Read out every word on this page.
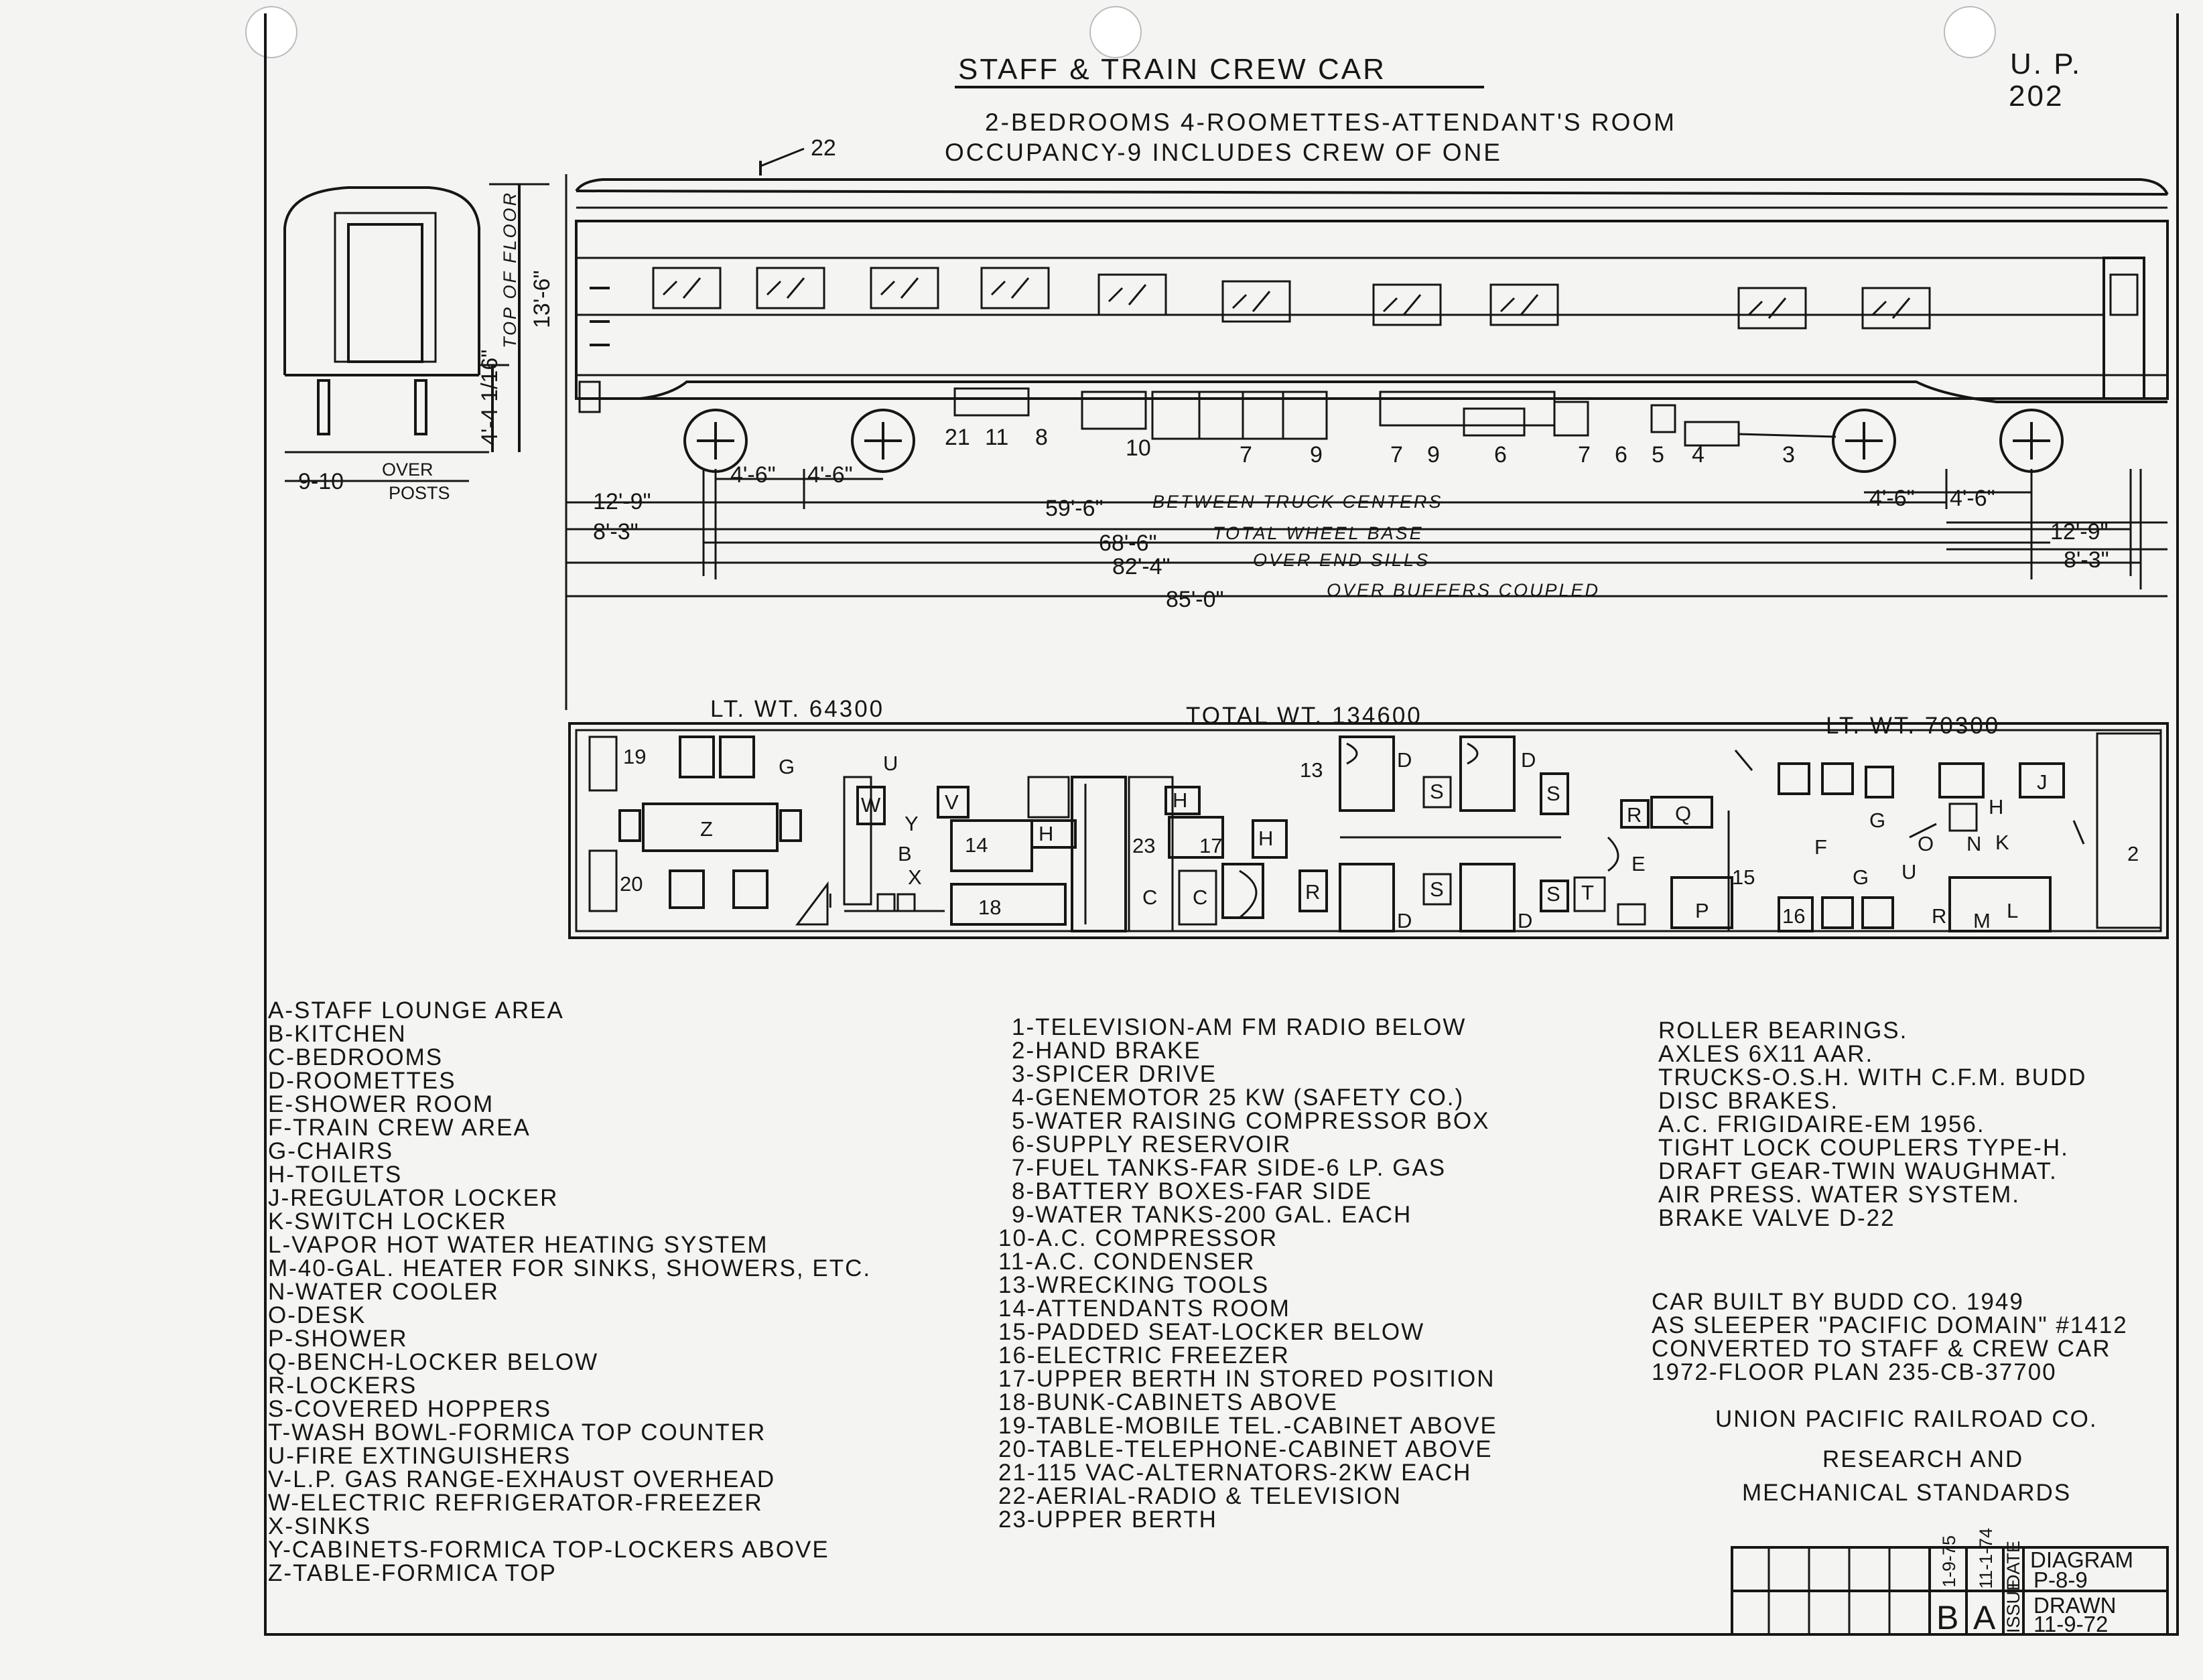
STAFF & TRAIN CREW CAR	U. P.
202
2-BEDROOMS 4-ROOMETTES-ATTENDANT'S ROOM
OCCUPANCY-9 INCLUDES CREW OF ONE
13'-6"
TOP OF FLOOR
4'-4 1/16"
9-10 OVER
POSTS
22
21 11 8	10	7	9	7 9 6	7 6 5 4	3
12'-9"
8'-3"
4'-6" 4'-6"
59'-6"	BETWEEN TRUCK CENTERS
68'-6"	TOTAL WHEEL BASE
82'-4"	OVER END SILLS
85'-0"	OVER BUFFERS COUPLED
4'-6" 4'-6"
12'-9"
8'-3"
LT. WT. 64300	TOTAL WT. 134600	LT. WT. 70300
19	G
Z
20
U
W
Y
B
X
V
14 H
18
I
23
C
H
17 H
C	R
13	D	D
S
S
D	D
S
R Q
E
T
S
P
15
F
G
O N K
H
J
16
G U
R M L
2
A-STAFF LOUNGE AREA
B-KITCHEN
C-BEDROOMS
D-ROOMETTES
E-SHOWER ROOM
F-TRAIN CREW AREA
G-CHAIRS
H-TOILETS
J-REGULATOR LOCKER
K-SWITCH LOCKER
L-VAPOR HOT WATER HEATING SYSTEM
M-40-GAL. HEATER FOR SINKS, SHOWERS, ETC.
N-WATER COOLER
O-DESK
P-SHOWER
Q-BENCH-LOCKER BELOW
R-LOCKERS
S-COVERED HOPPERS
T-WASH BOWL-FORMICA TOP COUNTER
U-FIRE EXTINGUISHERS
V-L.P. GAS RANGE-EXHAUST OVERHEAD
W-ELECTRIC REFRIGERATOR-FREEZER
X-SINKS
Y-CABINETS-FORMICA TOP-LOCKERS ABOVE
Z-TABLE-FORMICA TOP
1-TELEVISION-AM FM RADIO BELOW
2-HAND BRAKE
3-SPICER DRIVE
4-GENEMOTOR 25 KW (SAFETY CO.)
5-WATER RAISING COMPRESSOR BOX
6-SUPPLY RESERVOIR
7-FUEL TANKS-FAR SIDE-6 LP. GAS
8-BATTERY BOXES-FAR SIDE
9-WATER TANKS-200 GAL. EACH
10-A.C. COMPRESSOR
11-A.C. CONDENSER
13-WRECKING TOOLS
14-ATTENDANTS ROOM
15-PADDED SEAT-LOCKER BELOW
16-ELECTRIC FREEZER
17-UPPER BERTH IN STORED POSITION
18-BUNK-CABINETS ABOVE
19-TABLE-MOBILE TEL.-CABINET ABOVE
20-TABLE-TELEPHONE-CABINET ABOVE
21-115 VAC-ALTERNATORS-2KW EACH
22-AERIAL-RADIO & TELEVISION
23-UPPER BERTH
ROLLER BEARINGS.
AXLES 6X11 AAR.
TRUCKS-O.S.H. WITH C.F.M. BUDD
DISC BRAKES.
A.C. FRIGIDAIRE-EM 1956.
TIGHT LOCK COUPLERS TYPE-H.
DRAFT GEAR-TWIN WAUGHMAT.
AIR PRESS. WATER SYSTEM.
BRAKE VALVE D-22
CAR BUILT BY BUDD CO. 1949
AS SLEEPER "PACIFIC DOMAIN" #1412
CONVERTED TO STAFF & CREW CAR
1972-FLOOR PLAN 235-CB-37700
UNION PACIFIC RAILROAD CO.
RESEARCH AND
MECHANICAL STANDARDS
1-9-75 11-1-74
B A ISSUE
DATE DIAGRAM
P-8-9
DRAWN
11-9-72
